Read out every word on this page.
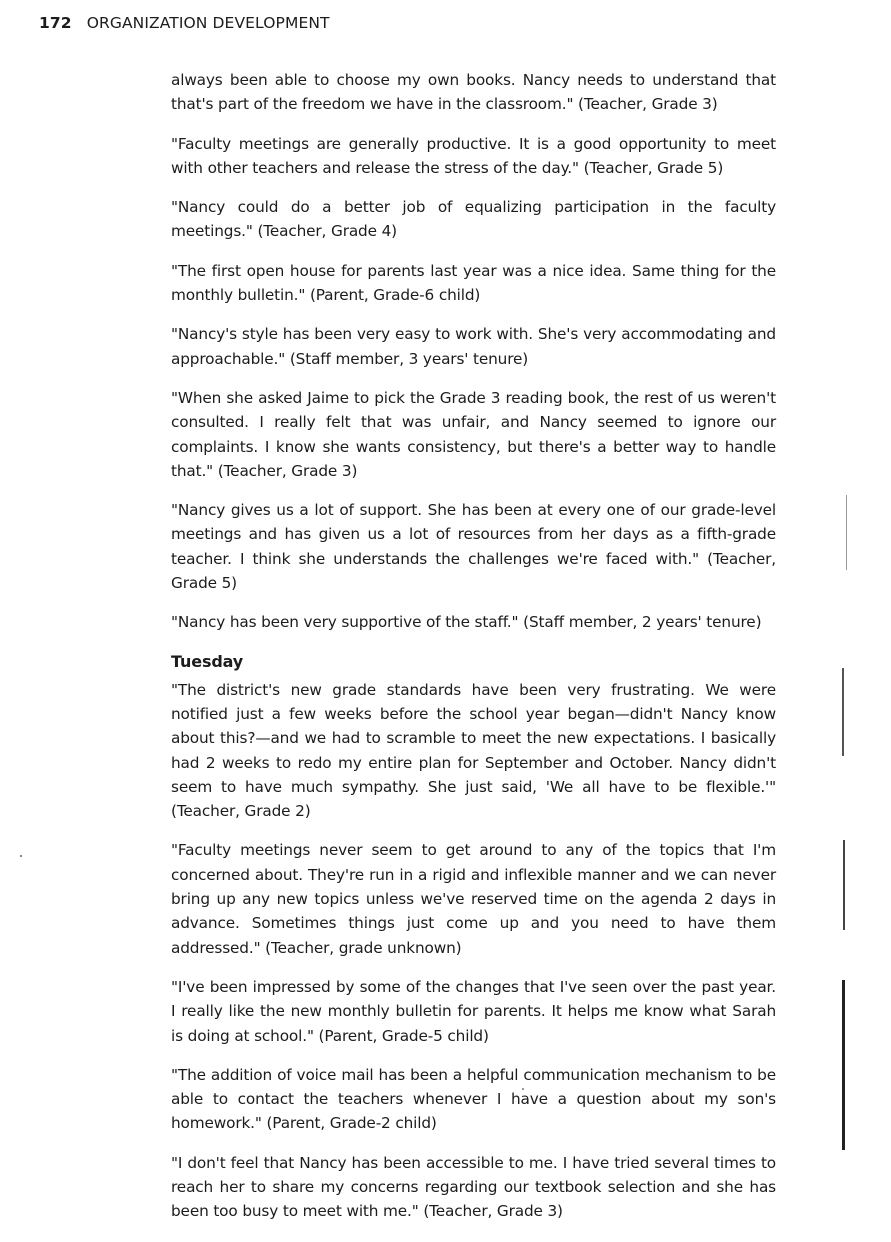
172 ORGANIZATION DEVELOPMENT

always been able to choose my own books. Nancy needs to understand that that's part of the freedom we have in the classroom." (Teacher, Grade 3)

"Faculty meetings are generally productive. It is a good opportunity to meet with other teachers and release the stress of the day." (Teacher, Grade 5)

"Nancy could do a better job of equalizing participation in the faculty meetings." (Teacher, Grade 4)

"The first open house for parents last year was a nice idea. Same thing for the monthly bulletin." (Parent, Grade-6 child)

"Nancy's style has been very easy to work with. She's very accommodating and approachable." (Staff member, 3 years' tenure)

"When she asked Jaime to pick the Grade 3 reading book, the rest of us weren't consulted. I really felt that was unfair, and Nancy seemed to ignore our complaints. I know she wants consistency, but there's a better way to handle that." (Teacher, Grade 3)

"Nancy gives us a lot of support. She has been at every one of our grade-level meetings and has given us a lot of resources from her days as a fifth-grade teacher. I think she understands the challenges we're faced with." (Teacher, Grade 5)

"Nancy has been very supportive of the staff." (Staff member, 2 years' tenure)

Tuesday

"The district's new grade standards have been very frustrating. We were notified just a few weeks before the school year began—didn't Nancy know about this?—and we had to scramble to meet the new expectations. I basically had 2 weeks to redo my entire plan for September and October. Nancy didn't seem to have much sympathy. She just said, 'We all have to be flexible.'" (Teacher, Grade 2)

"Faculty meetings never seem to get around to any of the topics that I'm concerned about. They're run in a rigid and inflexible manner and we can never bring up any new topics unless we've reserved time on the agenda 2 days in advance. Sometimes things just come up and you need to have them addressed." (Teacher, grade unknown)

"I've been impressed by some of the changes that I've seen over the past year. I really like the new monthly bulletin for parents. It helps me know what Sarah is doing at school." (Parent, Grade-5 child)

"The addition of voice mail has been a helpful communication mechanism to be able to contact the teachers whenever I have a question about my son's homework." (Parent, Grade-2 child)

"I don't feel that Nancy has been accessible to me. I have tried several times to reach her to share my concerns regarding our textbook selection and she has been too busy to meet with me." (Teacher, Grade 3)
